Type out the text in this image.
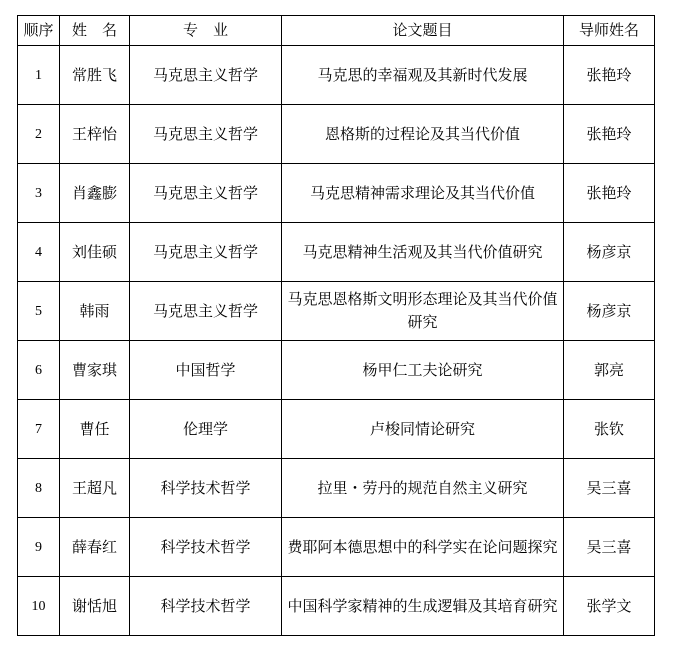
顺序	姓　名	专　业	论文题目	导师姓名
1	常胜飞	马克思主义哲学	马克思的幸福观及其新时代发展	张艳玲
2	王梓怡	马克思主义哲学	恩格斯的过程论及其当代价值	张艳玲
3	肖鑫膨	马克思主义哲学	马克思精神需求理论及其当代价值	张艳玲
4	刘佳硕	马克思主义哲学	马克思精神生活观及其当代价值研究	杨彦京
5	韩雨	马克思主义哲学	马克思恩格斯文明形态理论及其当代价值研究	杨彦京
6	曹家琪	中国哲学	杨甲仁工夫论研究	郭亮
7	曹任	伦理学	卢梭同情论研究	张钦
8	王超凡	科学技术哲学	拉里・劳丹的规范自然主义研究	吴三喜
9	薛春红	科学技术哲学	费耶阿本德思想中的科学实在论问题探究	吴三喜
10	谢恬旭	科学技术哲学	中国科学家精神的生成逻辑及其培育研究	张学文
